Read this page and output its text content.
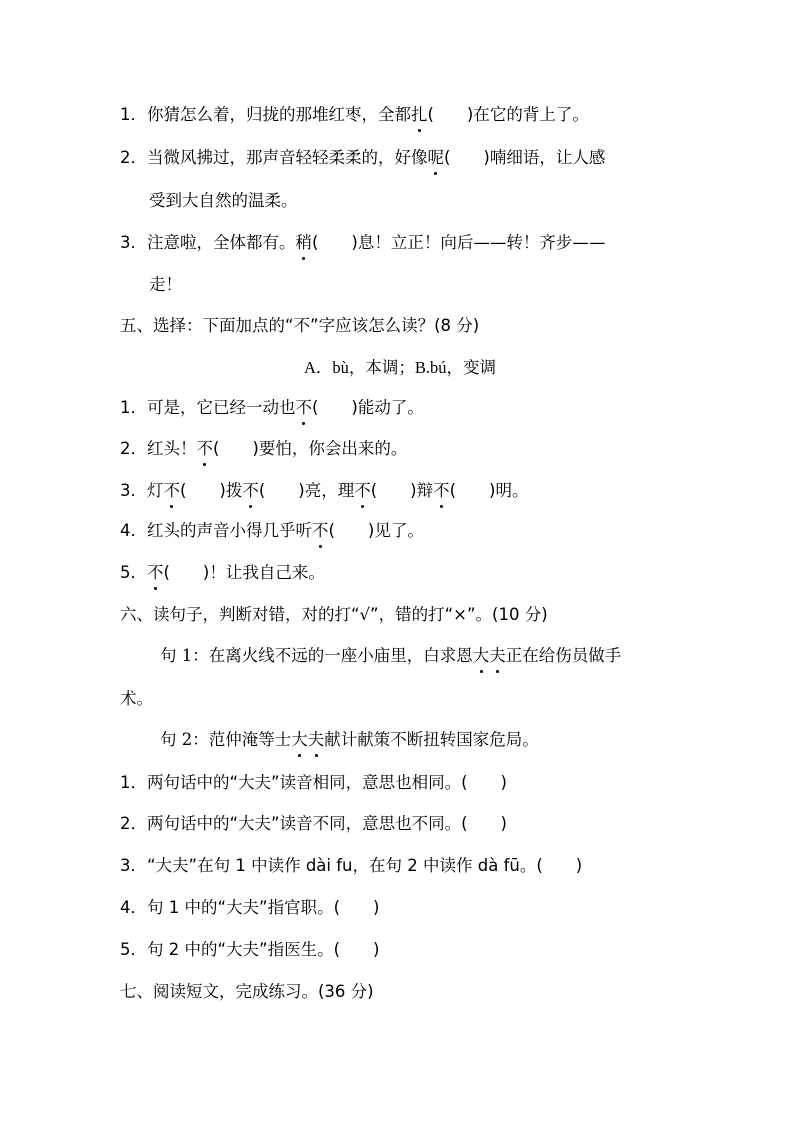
1．你猜怎么着，归拢的那堆红枣，全都扎(　　)在它的背上了。
2．当微风拂过，那声音轻轻柔柔的，好像呢(　　)喃细语，让人感
受到大自然的温柔。
3．注意啦，全体都有。稍(　　)息！立正！向后——转！齐步——
走！
五、选择：下面加点的“不”字应该怎么读？(8 分)
A．bù，本调；B.bú，变调
1．可是，它已经一动也不(　　)能动了。
2．红头！不(　　)要怕，你会出来的。
3．灯不(　　)拨不(　　)亮，理不(　　)辩不(　　)明。
4．红头的声音小得几乎听不(　　)见了。
5．不(　　)！让我自己来。
六、读句子，判断对错，对的打“√”，错的打“×”。(10 分)
句 1：在离火线不远的一座小庙里，白求恩大夫正在给伤员做手
术。
句 2：范仲淹等士大夫献计献策不断扭转国家危局。
1．两句话中的“大夫”读音相同，意思也相同。(　　)
2．两句话中的“大夫”读音不同，意思也不同。(　　)
3．“大夫”在句 1 中读作 dài fu，在句 2 中读作 dà fū。(　　)
4．句 1 中的“大夫”指官职。(　　)
5．句 2 中的“大夫”指医生。(　　)
七、阅读短文，完成练习。(36 分)
